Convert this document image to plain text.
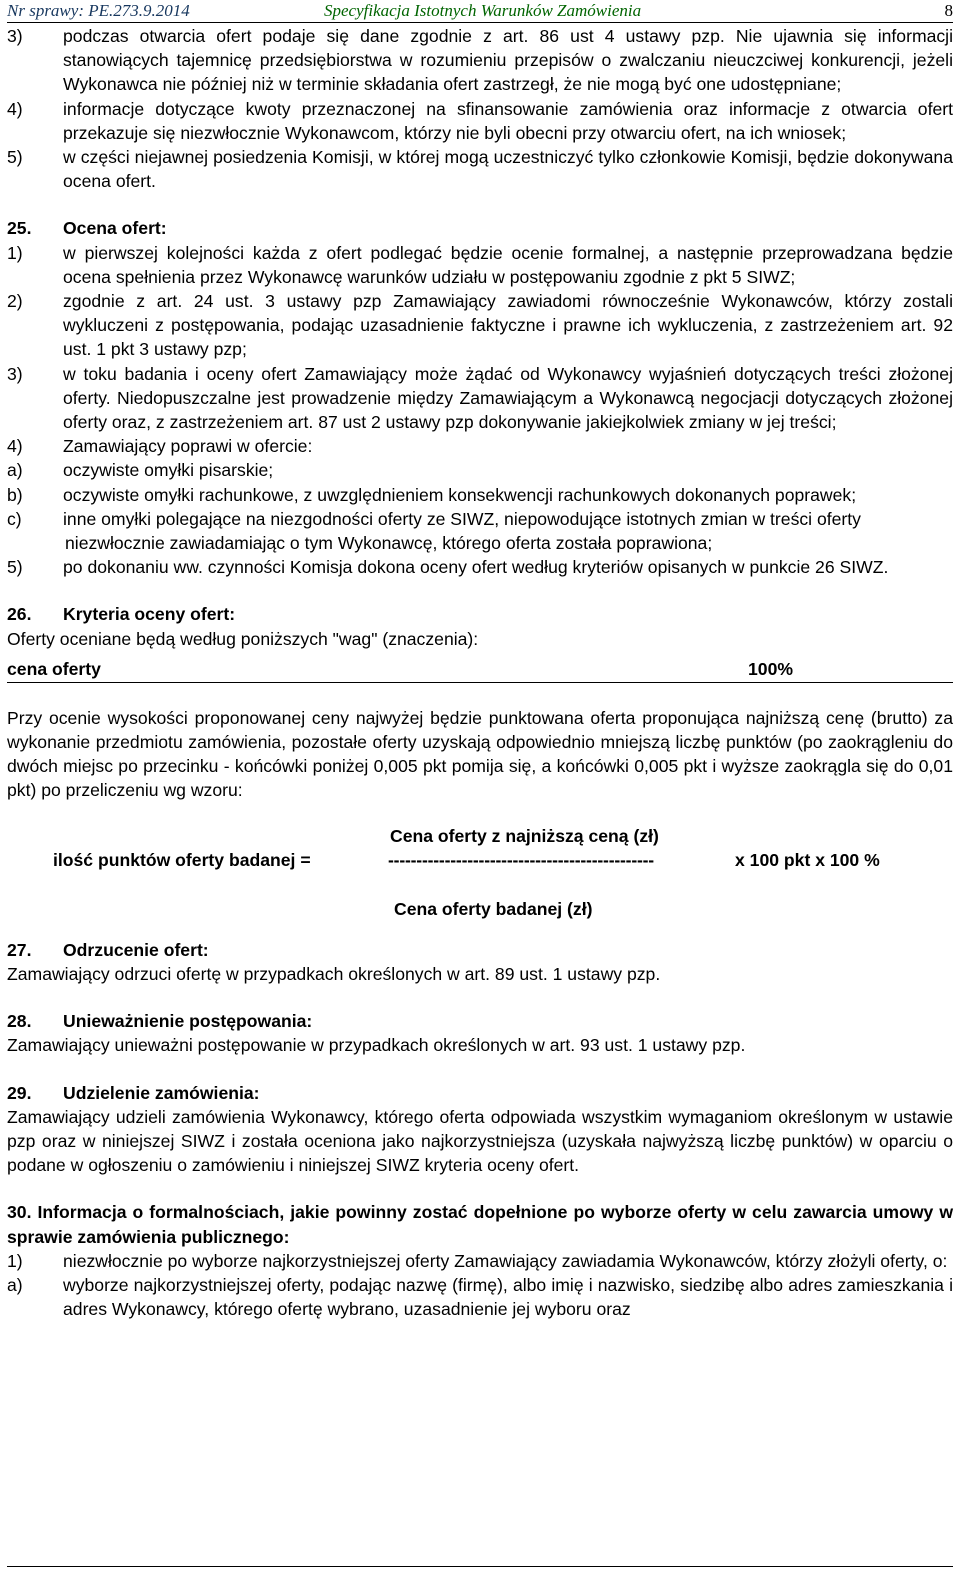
Nr sprawy: PE.273.9.2014	Specyfikacja Istotnych Warunków Zamówienia	8
3)	podczas otwarcia ofert podaje się dane zgodnie z art. 86 ust 4 ustawy pzp. Nie ujawnia się informacji stanowiących tajemnicę przedsiębiorstwa w rozumieniu przepisów o zwalczaniu nieuczciwej konkurencji, jeżeli Wykonawca nie później niż w terminie składania ofert zastrzegł, że nie mogą być one udostępniane;
4)	informacje dotyczące kwoty przeznaczonej na sfinansowanie zamówienia oraz informacje z otwarcia ofert przekazuje się niezwłocznie Wykonawcom, którzy nie byli obecni przy otwarciu ofert, na ich wniosek;
5)	w części niejawnej posiedzenia Komisji, w której mogą uczestniczyć tylko członkowie Komisji, będzie dokonywana ocena ofert.

25. Ocena ofert:

1)	w pierwszej kolejności każda z ofert podlegać będzie ocenie formalnej, a następnie przeprowadzana będzie ocena spełnienia przez Wykonawcę warunków udziału w postępowaniu zgodnie z pkt 5 SIWZ;
2)	zgodnie z art. 24 ust. 3 ustawy pzp Zamawiający zawiadomi równocześnie Wykonawców, którzy zostali wykluczeni z postępowania, podając uzasadnienie faktyczne i prawne ich wykluczenia, z zastrzeżeniem art. 92 ust. 1 pkt 3 ustawy pzp;
3)	w toku badania i oceny ofert Zamawiający może żądać od Wykonawcy wyjaśnień dotyczących treści złożonej oferty. Niedopuszczalne jest prowadzenie między Zamawiającym a Wykonawcą negocjacji dotyczących złożonej oferty oraz, z zastrzeżeniem art. 87 ust 2 ustawy pzp dokonywanie jakiejkolwiek zmiany w jej treści;
4)	Zamawiający poprawi w ofercie:
a)	oczywiste omyłki pisarskie;
b)	oczywiste omyłki rachunkowe, z uwzględnieniem konsekwencji rachunkowych dokonanych poprawek;
c)	inne omyłki polegające na niezgodności oferty ze SIWZ, niepowodujące istotnych zmian w treści oferty

niezwłocznie zawiadamiając o tym Wykonawcę, którego oferta została poprawiona;

5)	po dokonaniu ww. czynności Komisja dokona oceny ofert według kryteriów opisanych w punkcie 26 SIWZ.

26. Kryteria oceny ofert:

Oferty oceniane będą według poniższych "wag" (znaczenia):

cena oferty	100%

Przy ocenie wysokości proponowanej ceny najwyżej będzie punktowana oferta proponująca najniższą cenę (brutto) za wykonanie przedmiotu zamówienia, pozostałe oferty uzyskają odpowiednio mniejszą liczbę punktów (po zaokrągleniu do dwóch miejsc po przecinku - końcówki poniżej 0,005 pkt pomija się, a końcówki 0,005 pkt i wyższe zaokrągla się do 0,01 pkt) po przeliczeniu wg wzoru:

Cena oferty z najniższą ceną (zł)
ilość punktów oferty badanej =	-----------------------------------------------	x 100 pkt x 100 %
Cena oferty badanej (zł)

27. Odrzucenie ofert:

Zamawiający odrzuci ofertę w przypadkach określonych w art. 89 ust. 1 ustawy pzp.

28. Unieważnienie postępowania:

Zamawiający unieważni postępowanie w przypadkach określonych w art. 93 ust. 1 ustawy pzp.

29. Udzielenie zamówienia:

Zamawiający udzieli zamówienia Wykonawcy, którego oferta odpowiada wszystkim wymaganiom określonym w ustawie pzp oraz w niniejszej SIWZ i została oceniona jako najkorzystniejsza (uzyskała najwyższą liczbę punktów) w oparciu o podane w ogłoszeniu o zamówieniu i niniejszej SIWZ kryteria oceny ofert.

30. Informacja o formalnościach, jakie powinny zostać dopełnione po wyborze oferty w celu zawarcia umowy w sprawie zamówienia publicznego:

1)	niezwłocznie po wyborze najkorzystniejszej oferty Zamawiający zawiadamia Wykonawców, którzy złożyli oferty, o:
a)	wyborze najkorzystniejszej oferty, podając nazwę (firmę), albo imię i nazwisko, siedzibę albo adres zamieszkania i adres Wykonawcy, którego ofertę wybrano, uzasadnienie jej wyboru oraz
